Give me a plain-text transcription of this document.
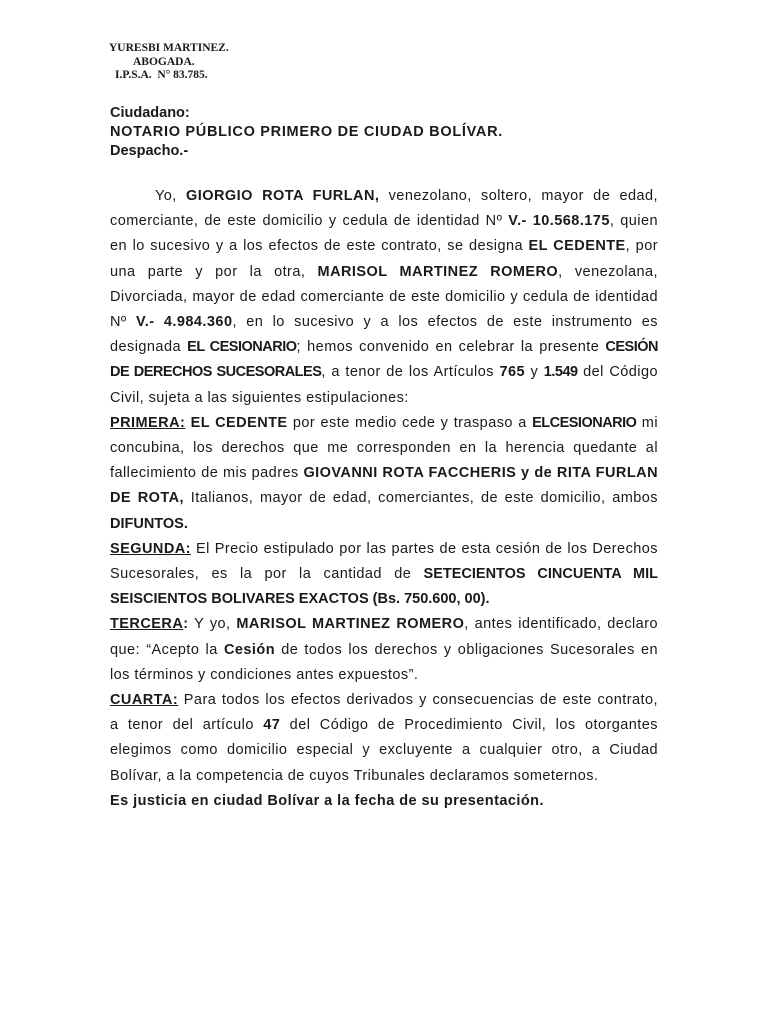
YURESBI MARTINEZ.
ABOGADA.
I.P.S.A.  N° 83.785.
Ciudadano:
NOTARIO PÚBLICO PRIMERO DE CIUDAD BOLÍVAR.
Despacho.-

Yo, GIORGIO ROTA FURLAN, venezolano, soltero, mayor de edad, comerciante, de este domicilio y cedula de identidad Nº V.- 10.568.175, quien en lo sucesivo y a los efectos de este contrato, se designa EL CEDENTE, por una parte y por la otra, MARISOL MARTINEZ ROMERO, venezolana, Divorciada, mayor de edad comerciante de este domicilio y cedula de identidad Nº V.- 4.984.360, en lo sucesivo y a los efectos de este instrumento es designada EL CESIONARIO; hemos convenido en celebrar la presente CESIÓN DE DERECHOS SUCESORALES, a tenor de los Artículos 765 y 1.549 del Código Civil, sujeta a las siguientes estipulaciones:

PRIMERA: EL CEDENTE por este medio cede y traspaso a ELCESIONARIO mi concubina, los derechos que me corresponden en la herencia quedante al fallecimiento de mis padres GIOVANNI ROTA FACCHERIS y de RITA FURLAN DE ROTA, Italianos, mayor de edad, comerciantes, de este domicilio, ambos DIFUNTOS.

SEGUNDA: El Precio estipulado por las partes de esta cesión de los Derechos Sucesorales, es la por la cantidad de SETECIENTOS CINCUENTA MIL SEISCIENTOS BOLIVARES EXACTOS (Bs. 750.600, 00).

TERCERA: Y yo, MARISOL MARTINEZ ROMERO, antes identificado, declaro que: “Acepto la Cesión de todos los derechos y obligaciones Sucesorales en los términos y condiciones antes expuestos”.

CUARTA: Para todos los efectos derivados y consecuencias de este contrato, a tenor del artículo 47 del Código de Procedimiento Civil, los otorgantes elegimos como domicilio especial y excluyente a cualquier otro, a Ciudad Bolívar, a la competencia de cuyos Tribunales declaramos someternos.

Es justicia en ciudad Bolívar a la fecha de su presentación.
